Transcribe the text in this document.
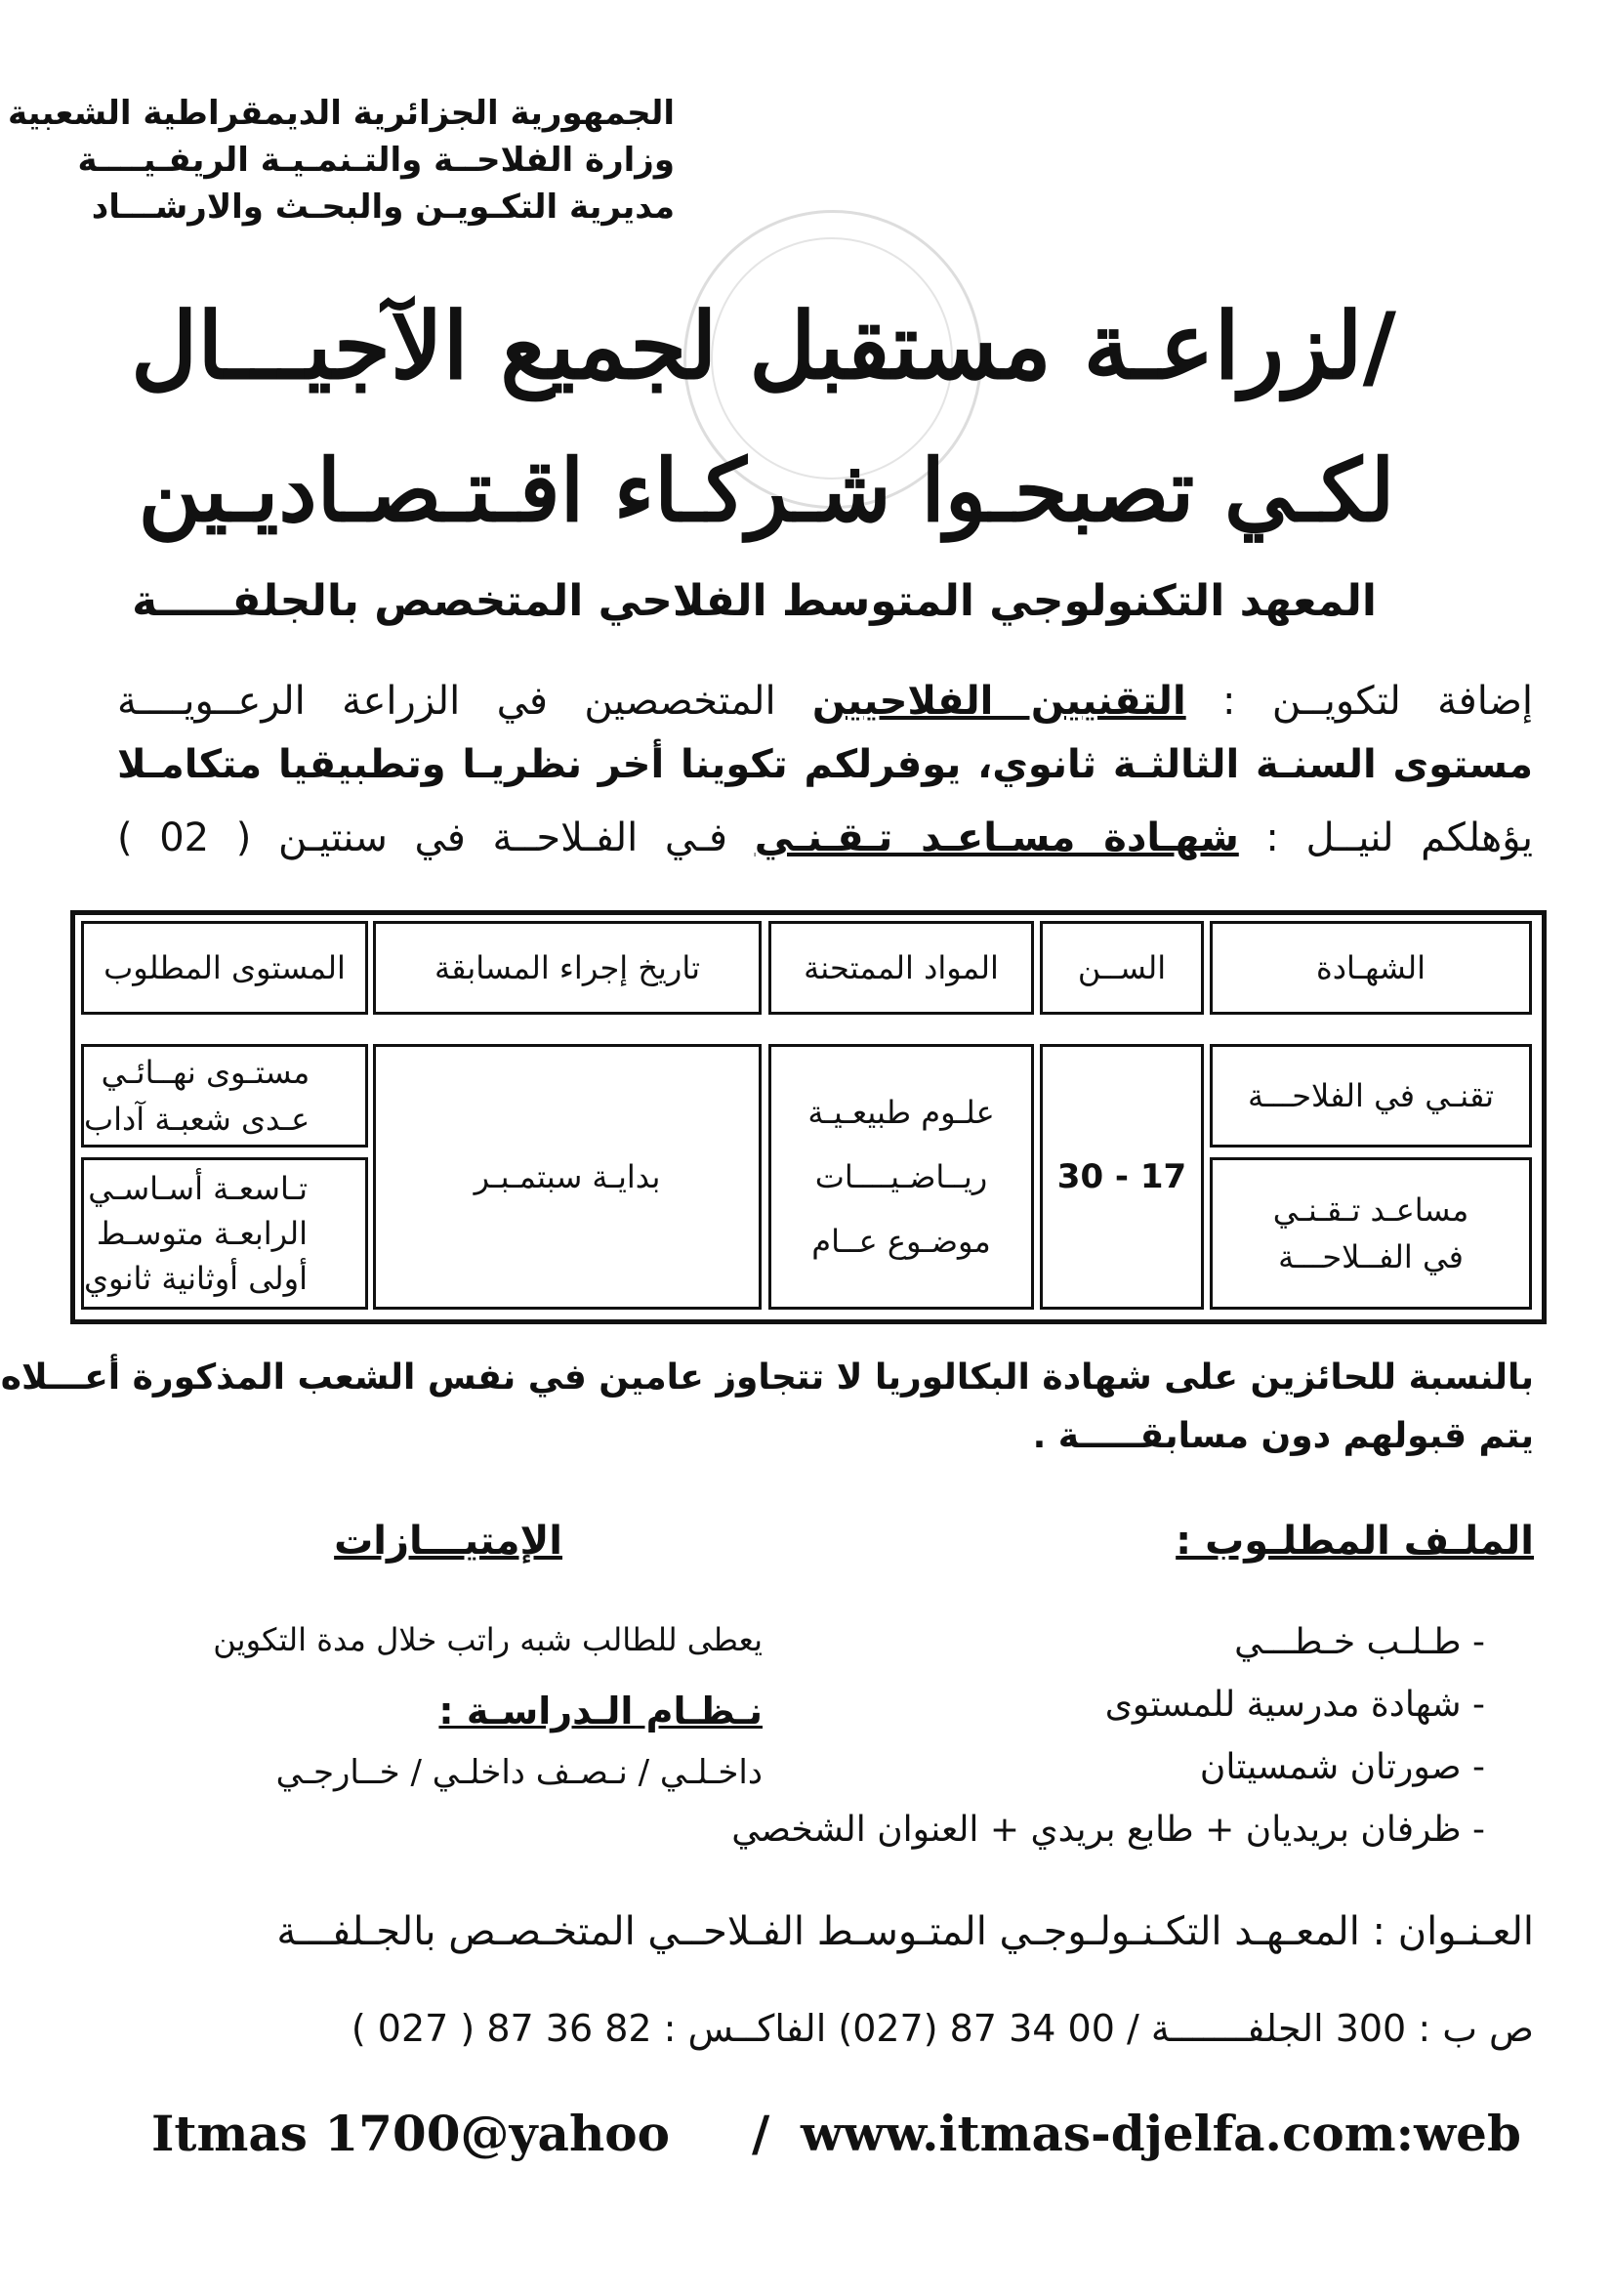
الجمهورية الجزائرية الديمقراطية الشعبية
وزارة الفلاحــة والتـنمـيـة الريفـيــــة
مديرية التكـويـن والبحـث والارشـــاد
/لزراعـة مستقبل لجميع الآجيـــال
لكـي تصبحـوا شـركـاء اقـتـصـاديـين
المعهد التكنولوجي المتوسط الفلاحي المتخصص بالجلفـــــة
إضافة لتكويــن : التقنيين الفلاحيين المتخصصين في الزراعة الرعــويــــة
مستوى السنـة الثالثـة ثانوي، يوفرلكم تكوينا أخر نظريـا وتطبيقيا متكامـلا
يؤهلكم لنيــل : شهـادة مسـاعـد تـقـنـي فـي الفـلاحــة في سنتيـن ( 02 )
الشهـادة
الســن
المواد الممتحنة
تاريخ إجراء المسابقة
المستوى المطلوب
تقنـي في الفلاحـــة
مساعـد تـقـنـي
في الفــلاحـــة
30 - 17
علـوم طبيعـيـة
ريــاضـيــــات
موضـوع عــام
بدايـة سبتمـبـر
مستـوى نهــائـي
عـدى شعبـة آداب
تـاسعـة أسـاسـي
الرابعـة متوسـط
أولى أوثانية ثانوي
بالنسبة للحائزين على شهادة البكالوريا لا تتجاوز عامين في نفس الشعب المذكورة أعـــلاه
يتم قبولهم دون مسابقـــــة .
الملـف المطلـوب :
- طـلـب خـطـــي
- شهادة مدرسية للمستوى
- صورتان شمسيتان
- ظرفان بريديان + طابع بريدي + العنوان الشخصي
الإمتيـــازات
يعطى للطالب شبه راتب خلال مدة التكوين
نـظـام الـدراسـة :
داخـلـي / نـصـف داخلـي / خــارجـي
العـنـوان : المعـهـد التكـنـولـوجـي المتـوسـط الفـلاحــي المتخـصـص بالجـلفـــة
ص ب : 300 الجلفـــــــة / 00 34 87 (027) الفاكــس : 82 36 87 ( 027 )
Itmas 1700@yahoo / www.itmas-djelfa.com:web
